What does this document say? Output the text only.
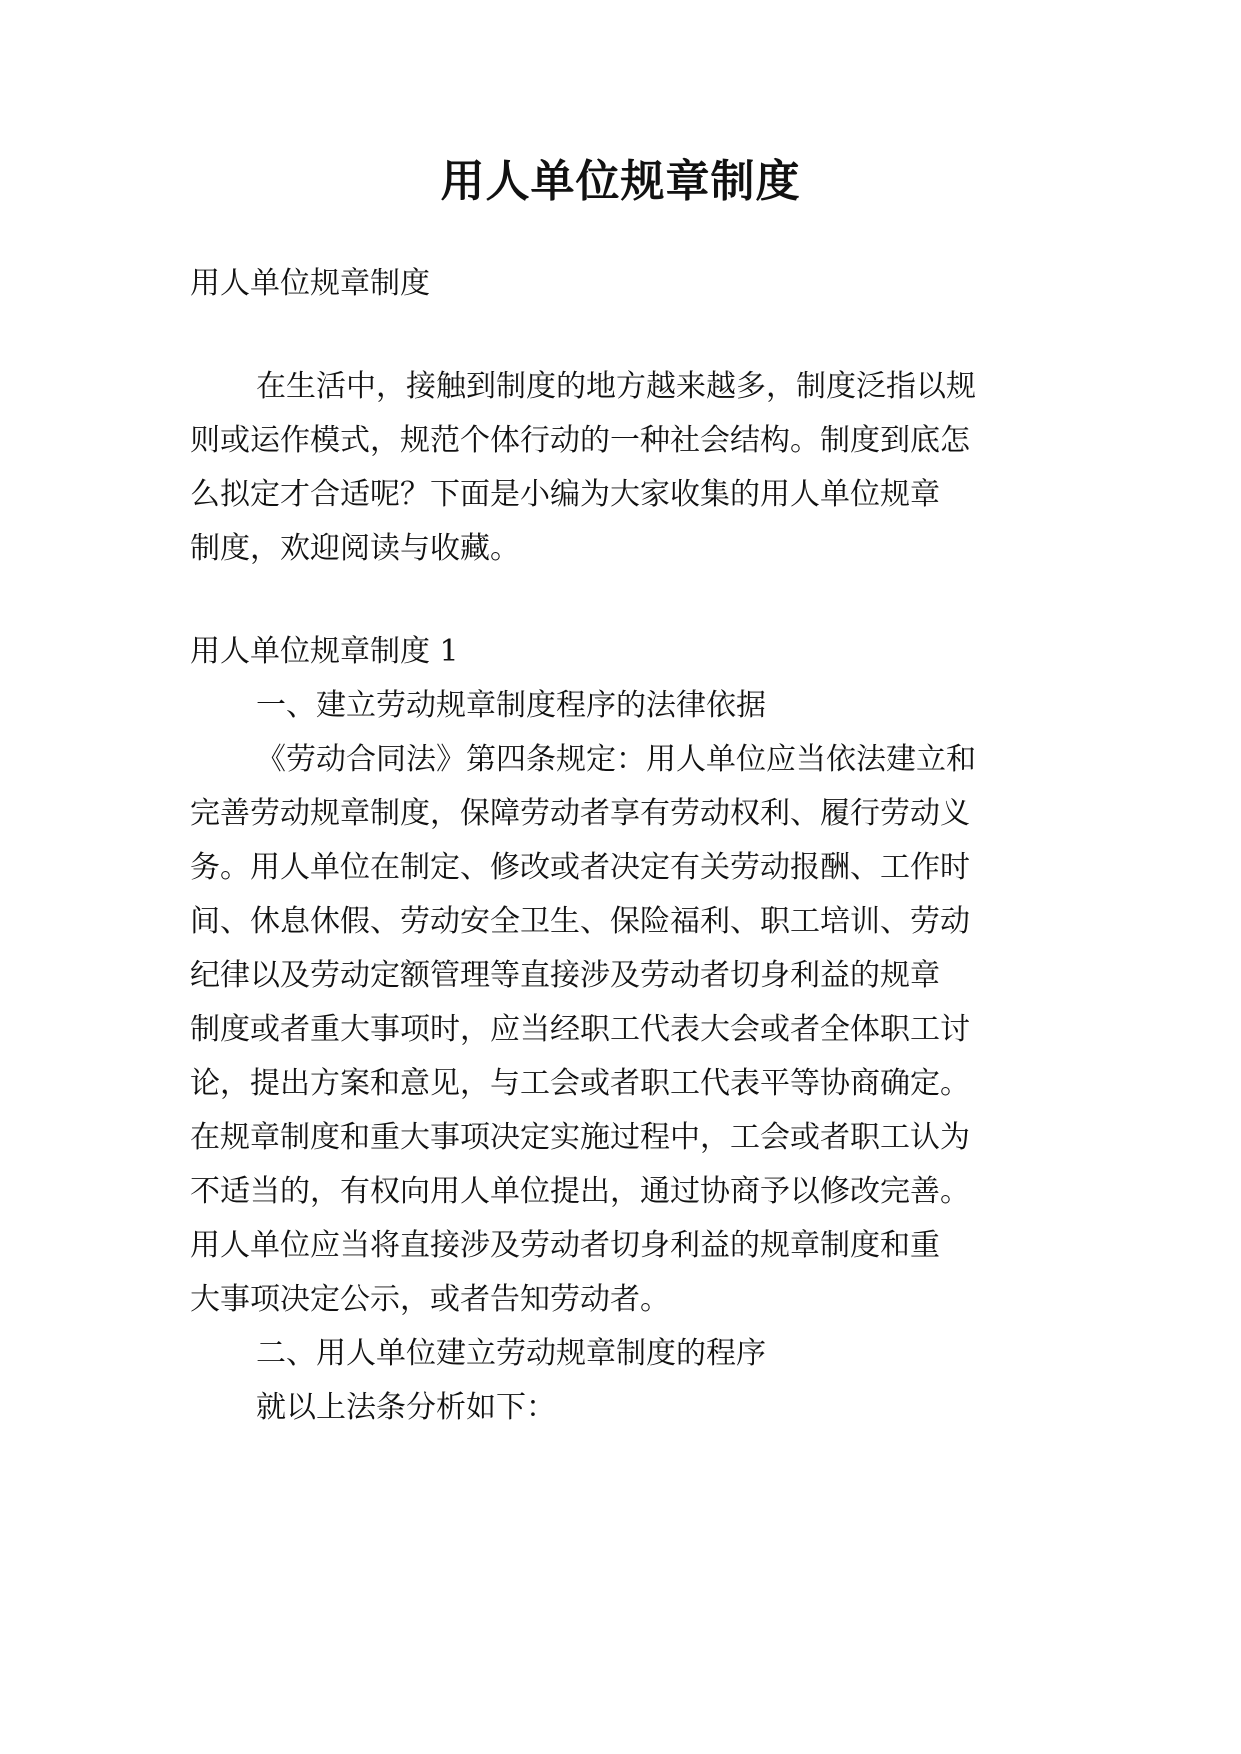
用人单位规章制度

用人单位规章制度

在生活中，接触到制度的地方越来越多，制度泛指以规

则或运作模式，规范个体行动的一种社会结构。制度到底怎

么拟定才合适呢？下面是小编为大家收集的用人单位规章

制度，欢迎阅读与收藏。

用人单位规章制度 1

一、建立劳动规章制度程序的法律依据

《劳动合同法》第四条规定：用人单位应当依法建立和

完善劳动规章制度，保障劳动者享有劳动权利、履行劳动义

务。用人单位在制定、修改或者决定有关劳动报酬、工作时

间、休息休假、劳动安全卫生、保险福利、职工培训、劳动

纪律以及劳动定额管理等直接涉及劳动者切身利益的规章

制度或者重大事项时，应当经职工代表大会或者全体职工讨

论，提出方案和意见，与工会或者职工代表平等协商确定。

在规章制度和重大事项决定实施过程中，工会或者职工认为

不适当的，有权向用人单位提出，通过协商予以修改完善。

用人单位应当将直接涉及劳动者切身利益的规章制度和重

大事项决定公示，或者告知劳动者。

二、用人单位建立劳动规章制度的程序

就以上法条分析如下：
